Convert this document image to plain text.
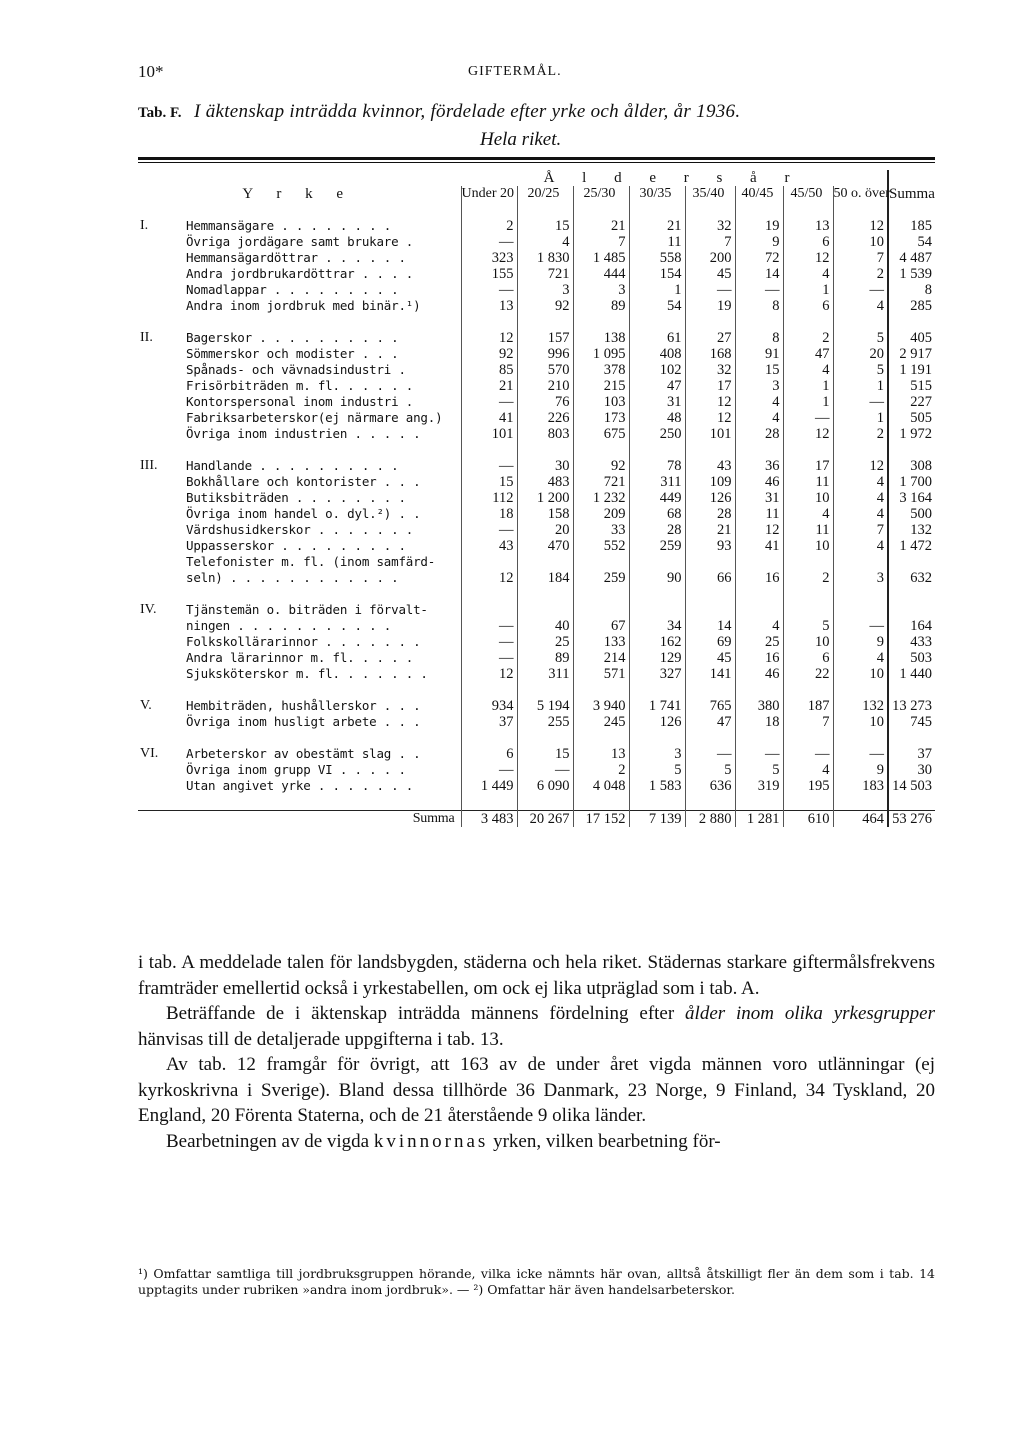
10*	GIFTERMÅL.
Tab. F. I äktenskap inträdda kvinnor, fördelade efter yrke och ålder, år 1936.
Hela riket.
Y r k e		Å l d e r s å r								Summa
		Under 20	20/25	25/30	30/35	35/40	40/45	45/50	50 o. över	

I.	Hemmansägare . . . . . . . .	2	15	21	21	32	19	13	12	185
	Övriga jordägare samt brukare .	—	4	7	11	7	9	6	10	54
	Hemmansägardöttrar . . . . . .	323	1 830	1 485	558	200	72	12	7	4 487
	Andra jordbrukardöttrar . . . .	155	721	444	154	45	14	4	2	1 539
	Nomadlappar . . . . . . . . .	—	3	3	1	—	—	1	—	8
	Andra inom jordbruk med binär.¹)	13	92	89	54	19	8	6	4	285

II.	Bagerskor . . . . . . . . . .	12	157	138	61	27	8	2	5	405
	Sömmerskor och modister . . .	92	996	1 095	408	168	91	47	20	2 917
	Spånads- och vävnadsindustri .	85	570	378	102	32	15	4	5	1 191
	Frisörbiträden m. fl. . . . . .	21	210	215	47	17	3	1	1	515
	Kontorspersonal inom industri .	—	76	103	31	12	4	1	—	227
	Fabriksarbeterskor(ej närmare ang.)	41	226	173	48	12	4	—	1	505
	Övriga inom industrien . . . . .	101	803	675	250	101	28	12	2	1 972

III.	Handlande . . . . . . . . . .	—	30	92	78	43	36	17	12	308
	Bokhållare och kontorister . . .	15	483	721	311	109	46	11	4	1 700
	Butiksbiträden . . . . . . . .	112	1 200	1 232	449	126	31	10	4	3 164
	Övriga inom handel o. dyl.²) . .	18	158	209	68	28	11	4	4	500
	Värdshusidkerskor . . . . . . .	—	20	33	28	21	12	11	7	132
	Uppasserskor . . . . . . . . .	43	470	552	259	93	41	10	4	1 472
	Telefonister m. fl. (inom samfärd-									
	seln) . . . . . . . . . . . .	12	184	259	90	66	16	2	3	632

IV.	Tjänstemän o. biträden i förvalt-									
	ningen . . . . . . . . . . .	—	40	67	34	14	4	5	—	164
	Folkskollärarinnor . . . . . . .	—	25	133	162	69	25	10	9	433
	Andra lärarinnor m. fl. . . . .	—	89	214	129	45	16	6	4	503
	Sjuksköterskor m. fl. . . . . . .	12	311	571	327	141	46	22	10	1 440

V.	Hembiträden, hushållerskor . . .	934	5 194	3 940	1 741	765	380	187	132	13 273
	Övriga inom husligt arbete . . .	37	255	245	126	47	18	7	10	745

VI.	Arbeterskor av obestämt slag . .	6	15	13	3	—	—	—	—	37
	Övriga inom grupp VI . . . . .	—	—	2	5	5	5	4	9	30
	Utan angivet yrke . . . . . . .	1 449	6 090	4 048	1 583	636	319	195	183	14 503

	Summa	3 483	20 267	17 152	7 139	2 880	1 281	610	464	53 276

i tab. A meddelade talen för landsbygden, städerna och hela riket. Städernas starkare giftermålsfrekvens framträder emellertid också i yrkestabellen, om ock ej lika utpräglad som i tab. A.

Beträffande de i äktenskap inträdda männens fördelning efter ålder inom olika yrkesgrupper hänvisas till de detaljerade uppgifterna i tab. 13.

Av tab. 12 framgår för övrigt, att 163 av de under året vigda männen voro utlänningar (ej kyrkoskrivna i Sverige). Bland dessa tillhörde 36 Danmark, 23 Norge, 9 Finland, 34 Tyskland, 20 England, 20 Förenta Staterna, och de 21 återstående 9 olika länder.

Bearbetningen av de vigda kvinnornas yrken, vilken bearbetning för-

¹) Omfattar samtliga till jordbruksgruppen hörande, vilka icke nämnts här ovan, alltså åtskilligt fler än dem som i tab. 14 upptagits under rubriken »andra inom jordbruk». — ²) Omfattar här även handelsarbeterskor.
